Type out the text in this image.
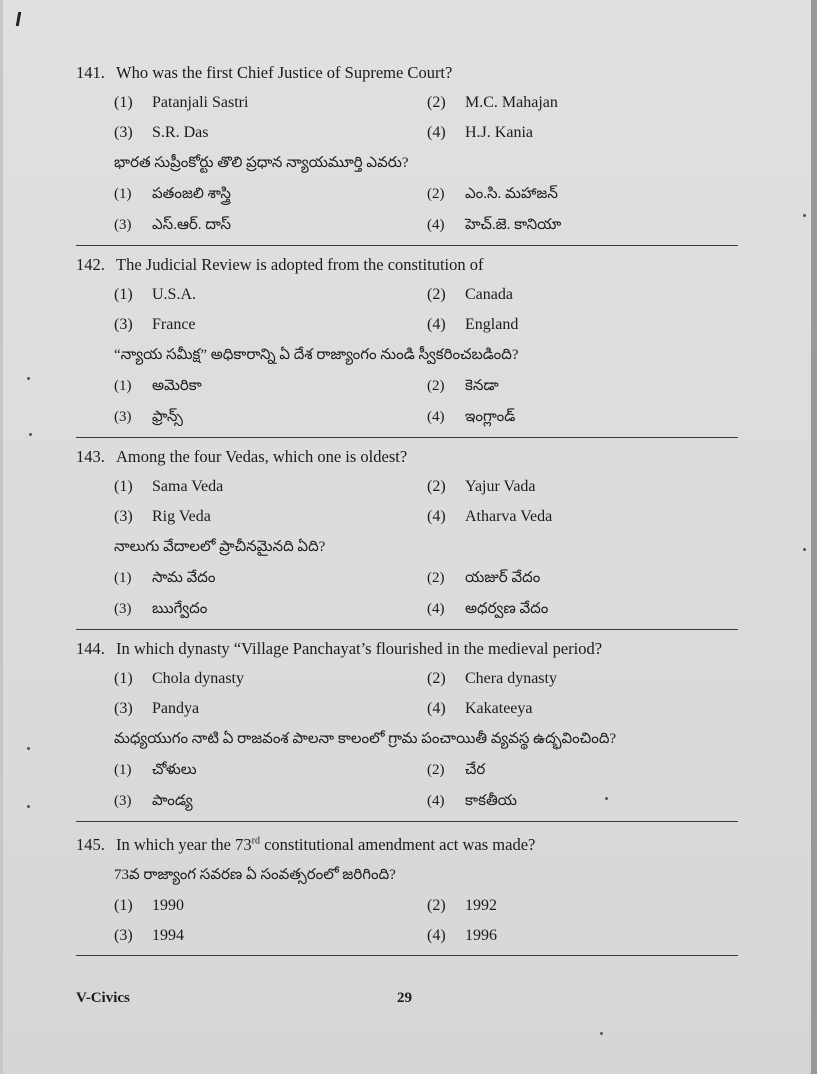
141. Who was the first Chief Justice of Supreme Court?
(1) Patanjali Sastri	(2) M.C. Mahajan
(3) S.R. Das	(4) H.J. Kania
భారత సుప్రీంకోర్టు తొలి ప్రధాన న్యాయమూర్తి ఎవరు?
(1) పతంజలి శాస్త్రి	(2) ఎం.సి. మహాజన్
(3) ఎస్.ఆర్. దాస్	(4) హెచ్.జె. కానియా
142. The Judicial Review is adopted from the constitution of
(1) U.S.A.	(2) Canada
(3) France	(4) England
“న్యాయ సమీక్ష” అధికారాన్ని ఏ దేశ రాజ్యాంగం నుండి స్వీకరించబడింది?
(1) అమెరికా	(2) కెనడా
(3) ఫ్రాన్స్	(4) ఇంగ్లాండ్
143. Among the four Vedas, which one is oldest?
(1) Sama Veda	(2) Yajur Vada
(3) Rig Veda	(4) Atharva Veda
నాలుగు వేదాలలో ప్రాచీనమైనది ఏది?
(1) సామ వేదం	(2) యజుర్ వేదం
(3) ఋగ్వేదం	(4) అధర్వణ వేదం
144. In which dynasty “Village Panchayat’s flourished in the medieval period?
(1) Chola dynasty	(2) Chera dynasty
(3) Pandya	(4) Kakateeya
మధ్యయుగం నాటి ఏ రాజవంశ పాలనా కాలంలో గ్రామ పంచాయితీ వ్యవస్థ ఉద్భవించింది?
(1) చోళులు	(2) చేర
(3) పాండ్య	(4) కాకతీయ
145. In which year the 73rd constitutional amendment act was made?
73వ రాజ్యాంగ సవరణ ఏ సంవత్సరంలో జరిగింది?
(1) 1990	(2) 1992
(3) 1994	(4) 1996
V-Civics	29
